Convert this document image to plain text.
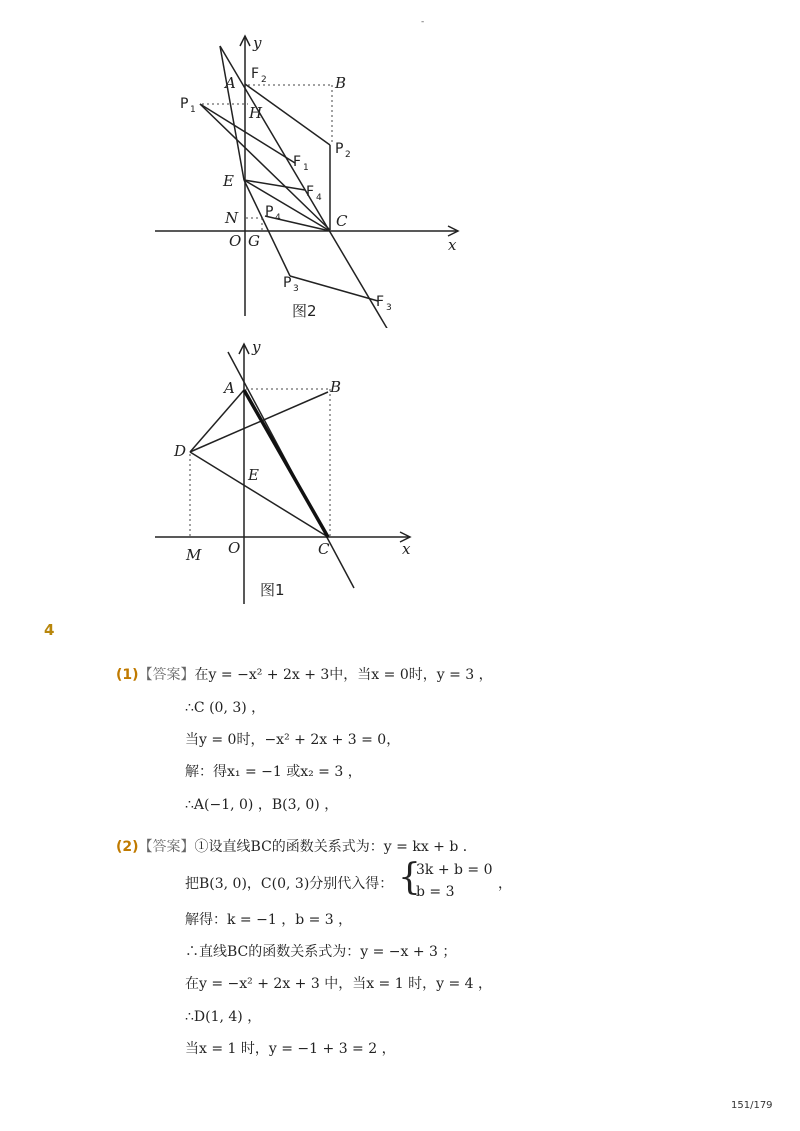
-
A F 2	B
P 1	H
P 2
F 1
E
F 4
N P 4	C
O G	x
y
P 3
F 3
图2
A	B
D
E
M O	C	x
y
图1
4
(1)【答案】在y = −x² + 2x + 3中，当x = 0时，y = 3 ，
∴C (0, 3) ，
当y = 0时，−x² + 2x + 3 = 0，
解：得x₁ = −1 或x₂ = 3 ，
∴A(−1, 0) ，B(3, 0) ，
(2)【答案】①设直线BC的函数关系式为：y = kx + b ．
把B(3, 0)，C(0, 3)分别代入得： {
3k + b = 0
b = 3	，
解得：k = −1 ，b = 3 ，
∴直线BC的函数关系式为：y = −x + 3 ；
在y = −x² + 2x + 3 中，当x = 1 时，y = 4 ，
∴D(1, 4) ，
当x = 1 时，y = −1 + 3 = 2 ，
151/179
